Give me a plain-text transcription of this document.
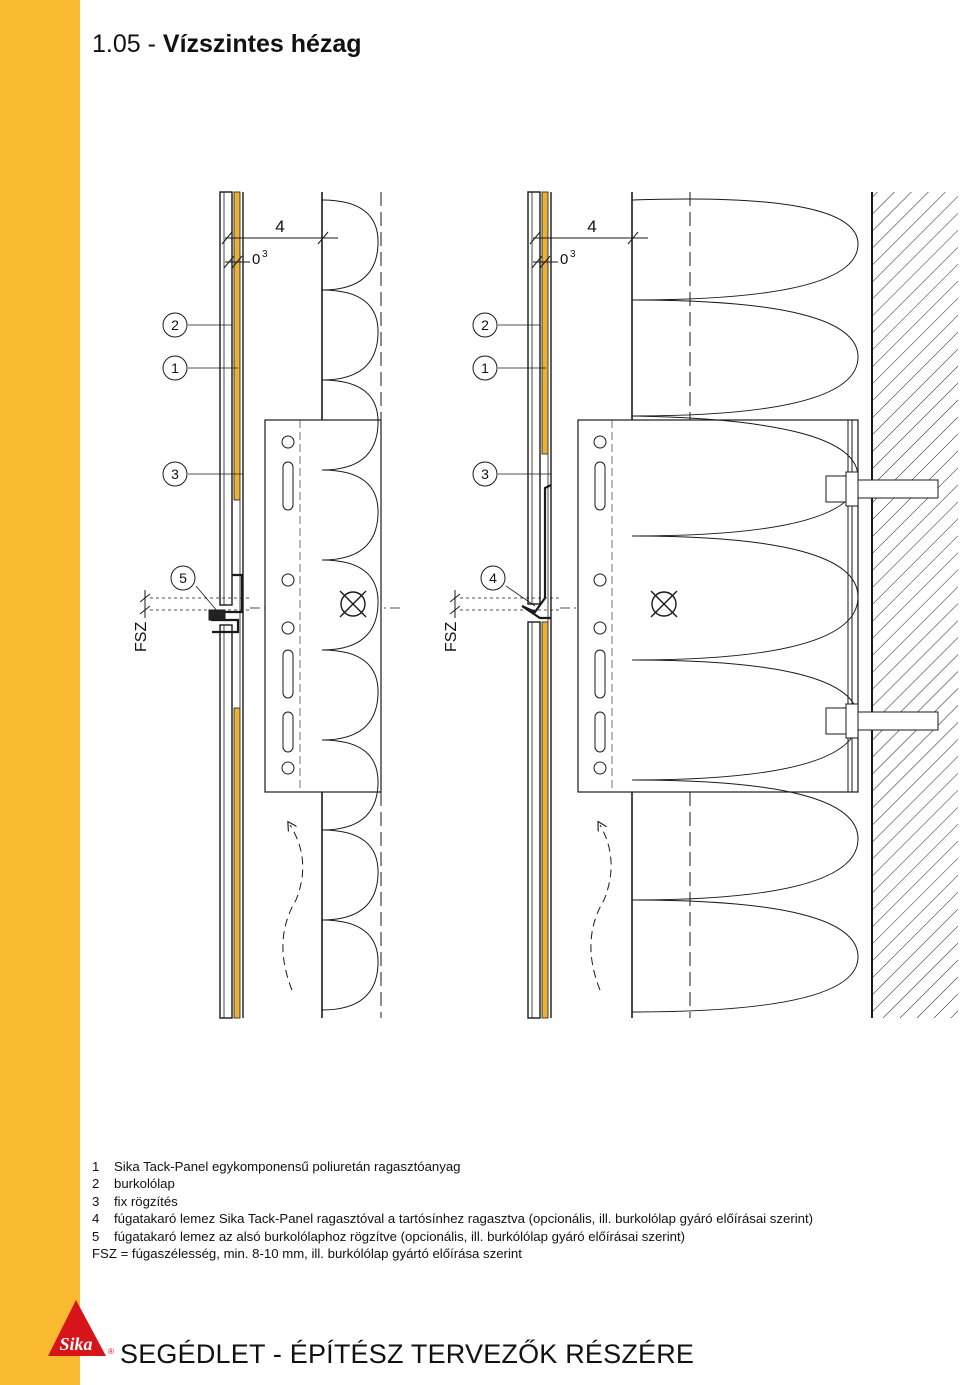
1.05 - Vízszintes hézag
4
0 3
2
1
3
5
FSZ
4
0 3
2
1
3
4
FSZ
1 Sika Tack-Panel egykomponensű poliuretán ragasztóanyag
2 burkolólap
3 fix rögzítés
4 fúgatakaró lemez Sika Tack-Panel ragasztóval a tartósínhez ragasztva (opcionális, ill. burkolólap gyáró előírásai szerint)
5 fúgatakaró lemez az alsó burkolólaphoz rögzítve (opcionális, ill. burkólólap gyáró előírásai szerint)
FSZ = fúgaszélesség, min. 8-10 mm, ill. burkólólap gyártó előírása szerint
Sika ® SEGÉDLET - ÉPÍTÉSZ TERVEZŐK RÉSZÉRE
